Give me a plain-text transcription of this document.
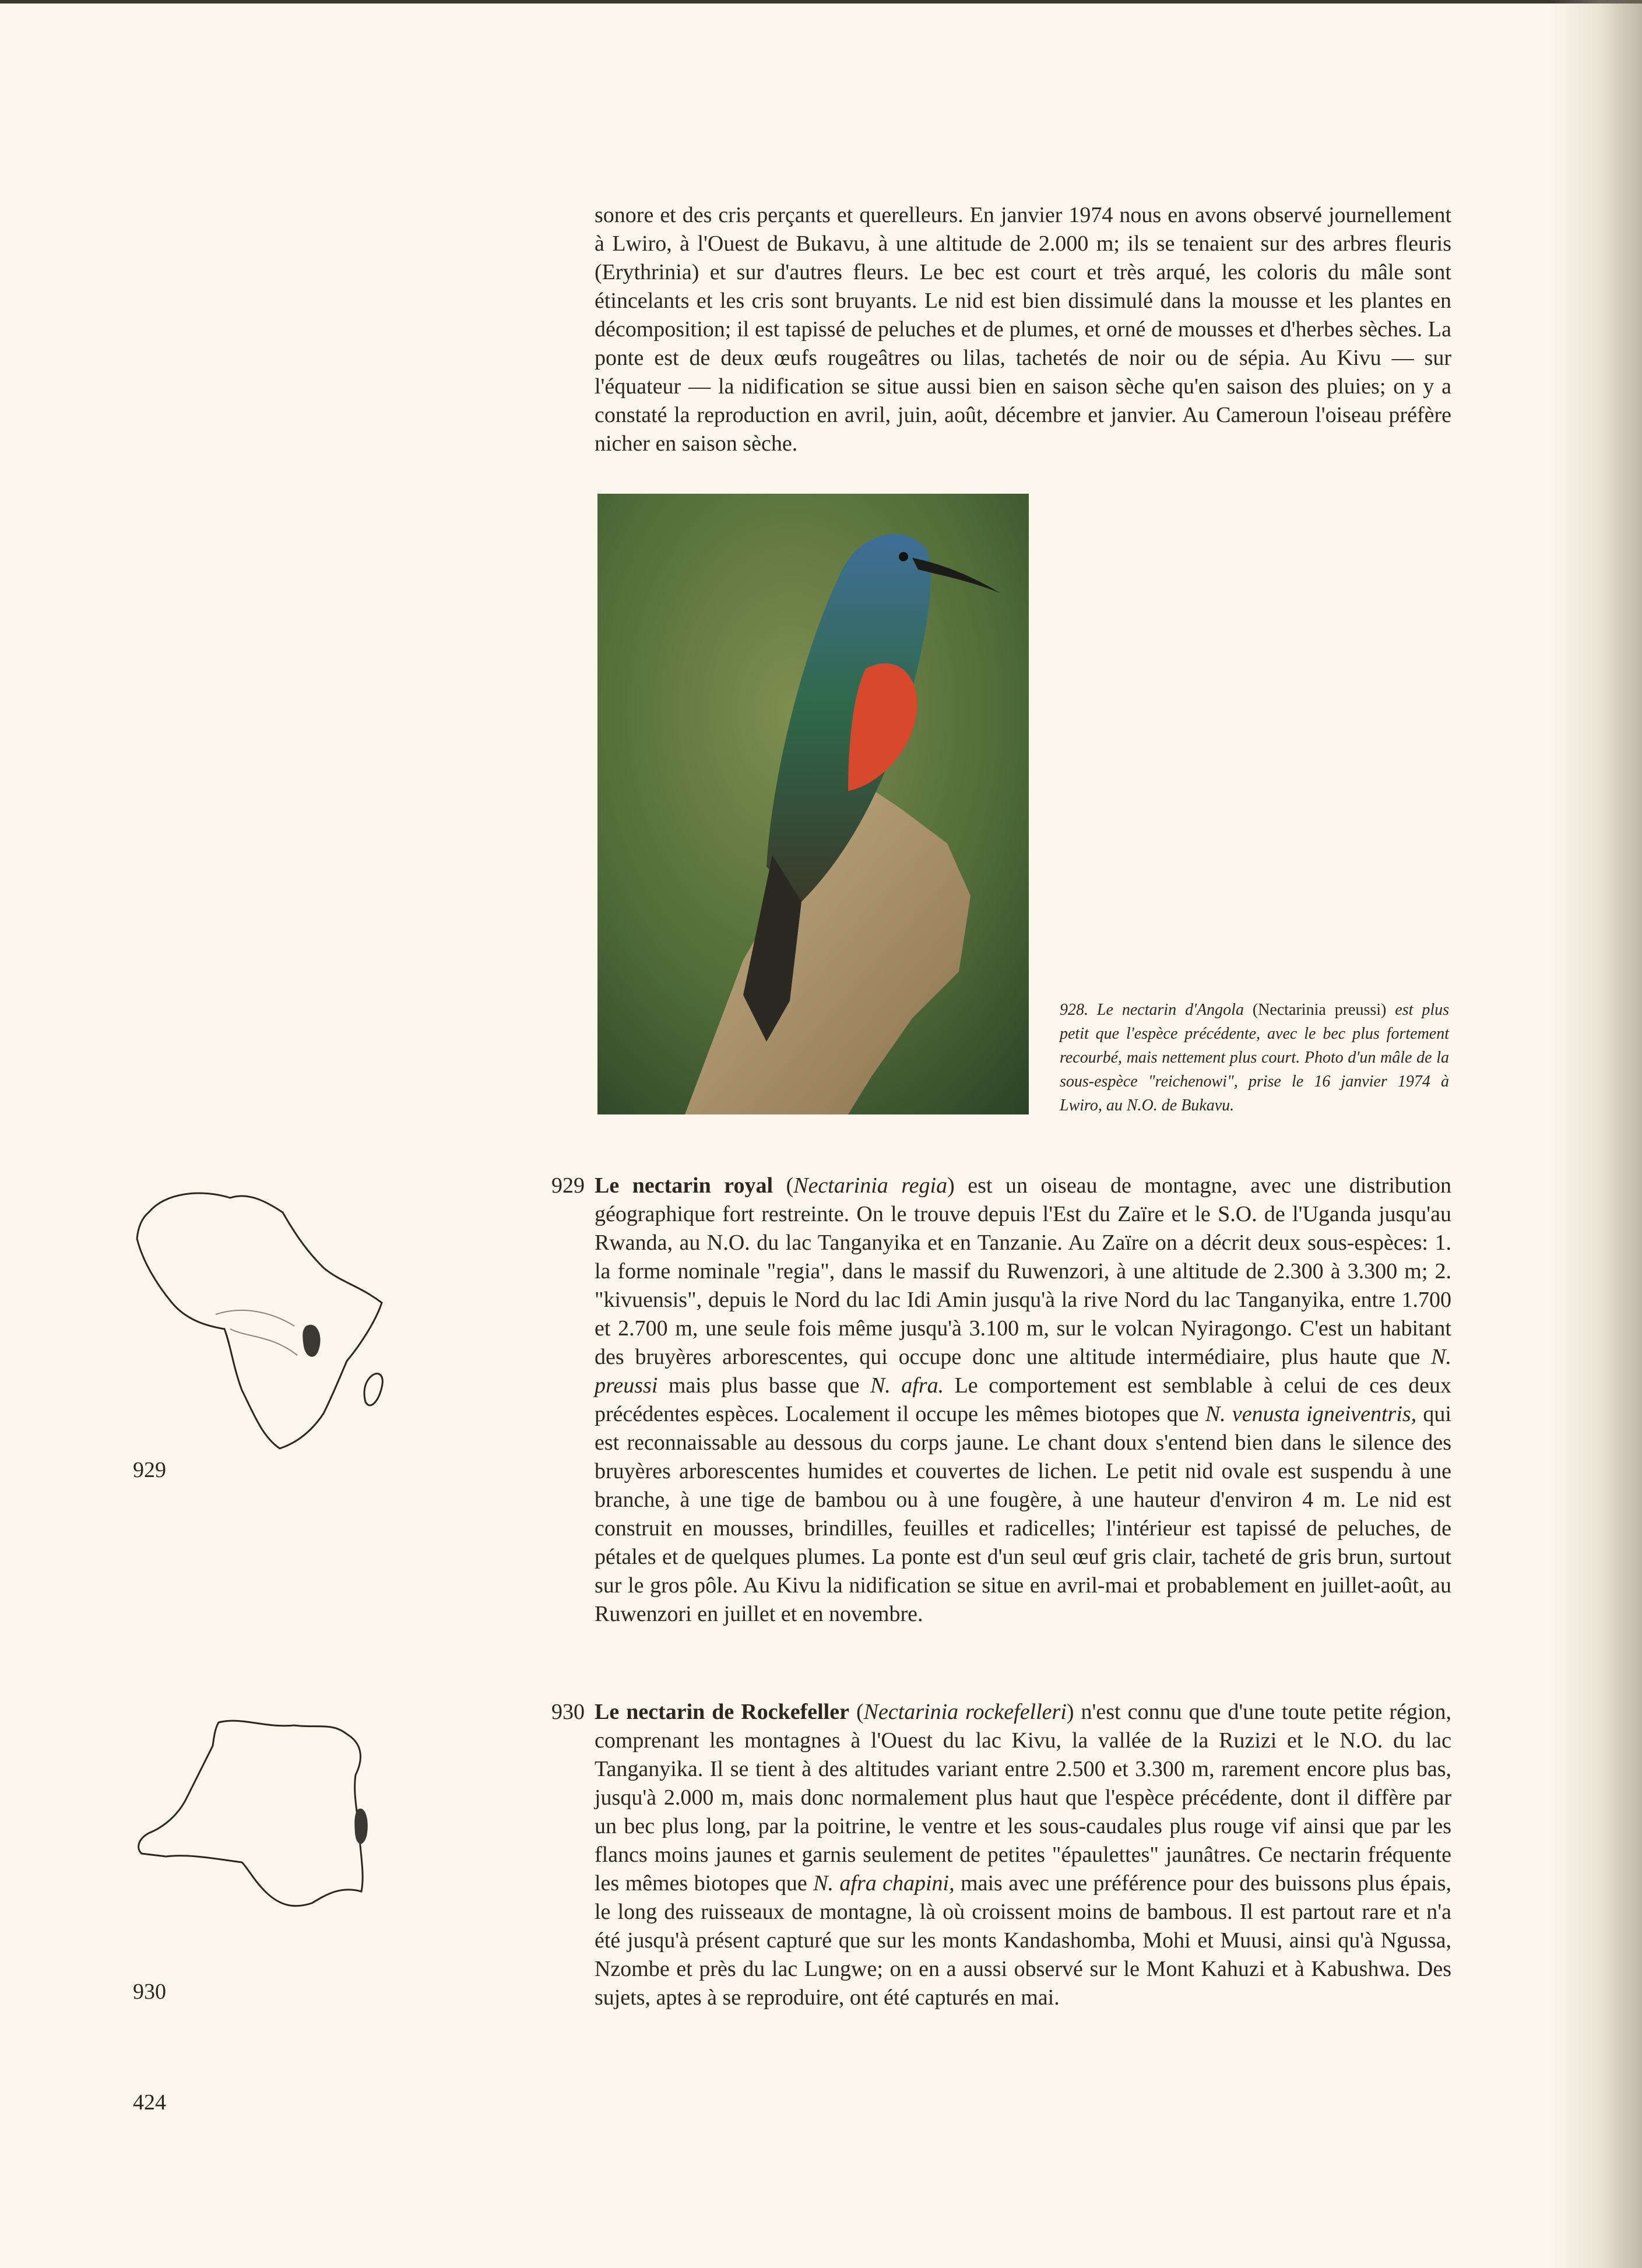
sonore et des cris perçants et querelleurs. En janvier 1974 nous en avons observé journellement à Lwiro, à l'Ouest de Bukavu, à une altitude de 2.000 m; ils se tenaient sur des arbres fleuris (Erythrinia) et sur d'autres fleurs. Le bec est court et très arqué, les coloris du mâle sont étincelants et les cris sont bruyants. Le nid est bien dissimulé dans la mousse et les plantes en décomposition; il est tapissé de peluches et de plumes, et orné de mousses et d'herbes sèches. La ponte est de deux œufs rougeâtres ou lilas, tachetés de noir ou de sépia. Au Kivu — sur l'équateur — la nidification se situe aussi bien en saison sèche qu'en saison des pluies; on y a constaté la reproduction en avril, juin, août, décembre et janvier. Au Cameroun l'oiseau préfère nicher en saison sèche.

928. Le nectarin d'Angola (Nectarinia preussi) est plus petit que l'espèce précédente, avec le bec plus fortement recourbé, mais nettement plus court. Photo d'un mâle de la sous-espèce "reichenowi", prise le 16 janvier 1974 à Lwiro, au N.O. de Bukavu.
929 Le nectarin royal (Nectarinia regia) est un oiseau de montagne, avec une distribution géographique fort restreinte. On le trouve depuis l'Est du Zaïre et le S.O. de l'Uganda jusqu'au Rwanda, au N.O. du lac Tanganyika et en Tanzanie. Au Zaïre on a décrit deux sous-espèces: 1. la forme nominale "regia", dans le massif du Ruwenzori, à une altitude de 2.300 à 3.300 m; 2. "kivuensis", depuis le Nord du lac Idi Amin jusqu'à la rive Nord du lac Tanganyika, entre 1.700 et 2.700 m, une seule fois même jusqu'à 3.100 m, sur le volcan Nyiragongo. C'est un habitant des bruyères arborescentes, qui occupe donc une altitude intermédiaire, plus haute que N. preussi mais plus basse que N. afra. Le comportement est semblable à celui de ces deux précédentes espèces. Localement il occupe les mêmes biotopes que N. venusta igneiventris, qui est reconnaissable au dessous du corps jaune. Le chant doux s'entend bien dans le silence des bruyères arborescentes humides et couvertes de lichen. Le petit nid ovale est suspendu à une branche, à une tige de bambou ou à une fougère, à une hauteur d'environ 4 m. Le nid est construit en mousses, brindilles, feuilles et radicelles; l'intérieur est tapissé de peluches, de pétales et de quelques plumes. La ponte est d'un seul œuf gris clair, tacheté de gris brun, surtout sur le gros pôle. Au Kivu la nidification se situe en avril-mai et probablement en juillet-août, au Ruwenzori en juillet et en novembre.

929
930 Le nectarin de Rockefeller (Nectarinia rockefelleri) n'est connu que d'une toute petite région, comprenant les montagnes à l'Ouest du lac Kivu, la vallée de la Ruzizi et le N.O. du lac Tanganyika. Il se tient à des altitudes variant entre 2.500 et 3.300 m, rarement encore plus bas, jusqu'à 2.000 m, mais donc normalement plus haut que l'espèce précédente, dont il diffère par un bec plus long, par la poitrine, le ventre et les sous-caudales plus rouge vif ainsi que par les flancs moins jaunes et garnis seulement de petites "épaulettes" jaunâtres. Ce nectarin fréquente les mêmes biotopes que N. afra chapini, mais avec une préférence pour des buissons plus épais, le long des ruisseaux de montagne, là où croissent moins de bambous. Il est partout rare et n'a été jusqu'à présent capturé que sur les monts Kandashomba, Mohi et Muusi, ainsi qu'à Ngussa, Nzombe et près du lac Lungwe; on en a aussi observé sur le Mont Kahuzi et à Kabushwa. Des sujets, aptes à se reproduire, ont été capturés en mai.

930
424
